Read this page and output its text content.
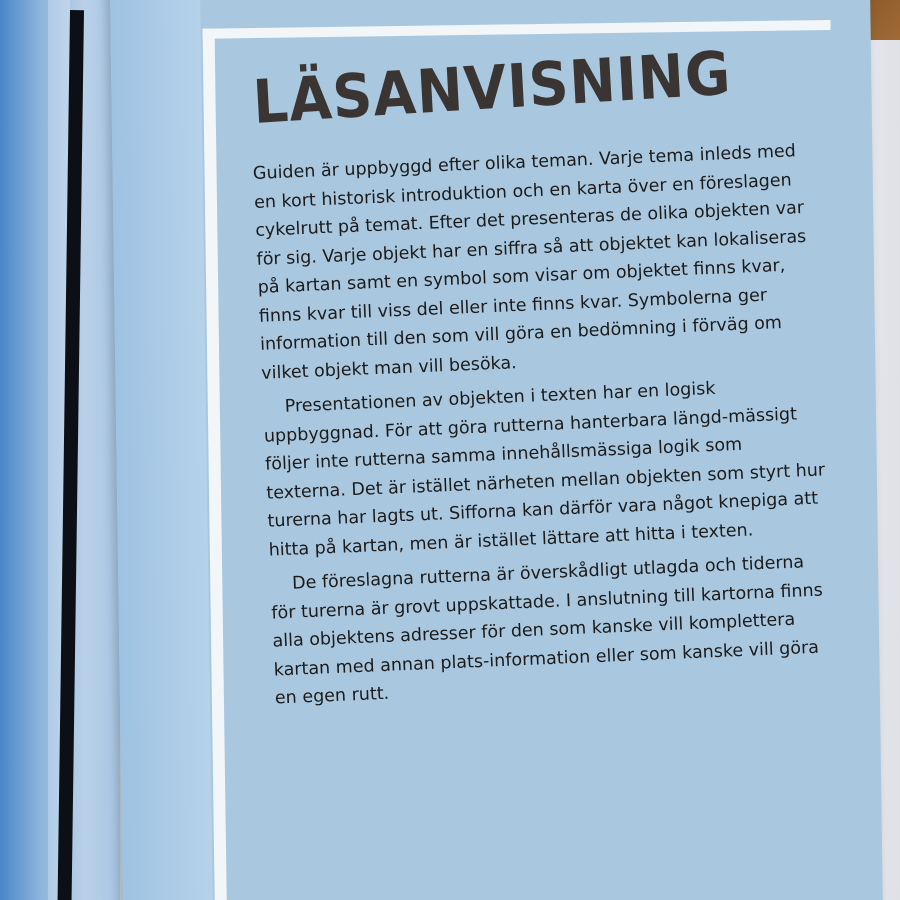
LÄSANVISNING

Guiden är uppbyggd efter olika teman. Varje tema inleds med en kort historisk introduktion och en karta över en föreslagen cykelrutt på temat. Efter det presenteras de olika objekten var för sig. Varje objekt har en siffra så att objektet kan lokaliseras på kartan samt en symbol som visar om objektet finns kvar, finns kvar till viss del eller inte finns kvar. Symbolerna ger information till den som vill göra en bedömning i förväg om vilket objekt man vill besöka.

Presentationen av objekten i texten har en logisk uppbyggnad. För att göra rutterna hanterbara längd-mässigt följer inte rutterna samma innehållsmässiga logik som texterna. Det är istället närheten mellan objekten som styrt hur turerna har lagts ut. Sifforna kan därför vara något knepiga att hitta på kartan, men är istället lättare att hitta i texten.

De föreslagna rutterna är överskådligt utlagda och tiderna för turerna är grovt uppskattade. I anslutning till kartorna finns alla objektens adresser för den som kanske vill komplettera kartan med annan plats-information eller som kanske vill göra en egen rutt.
